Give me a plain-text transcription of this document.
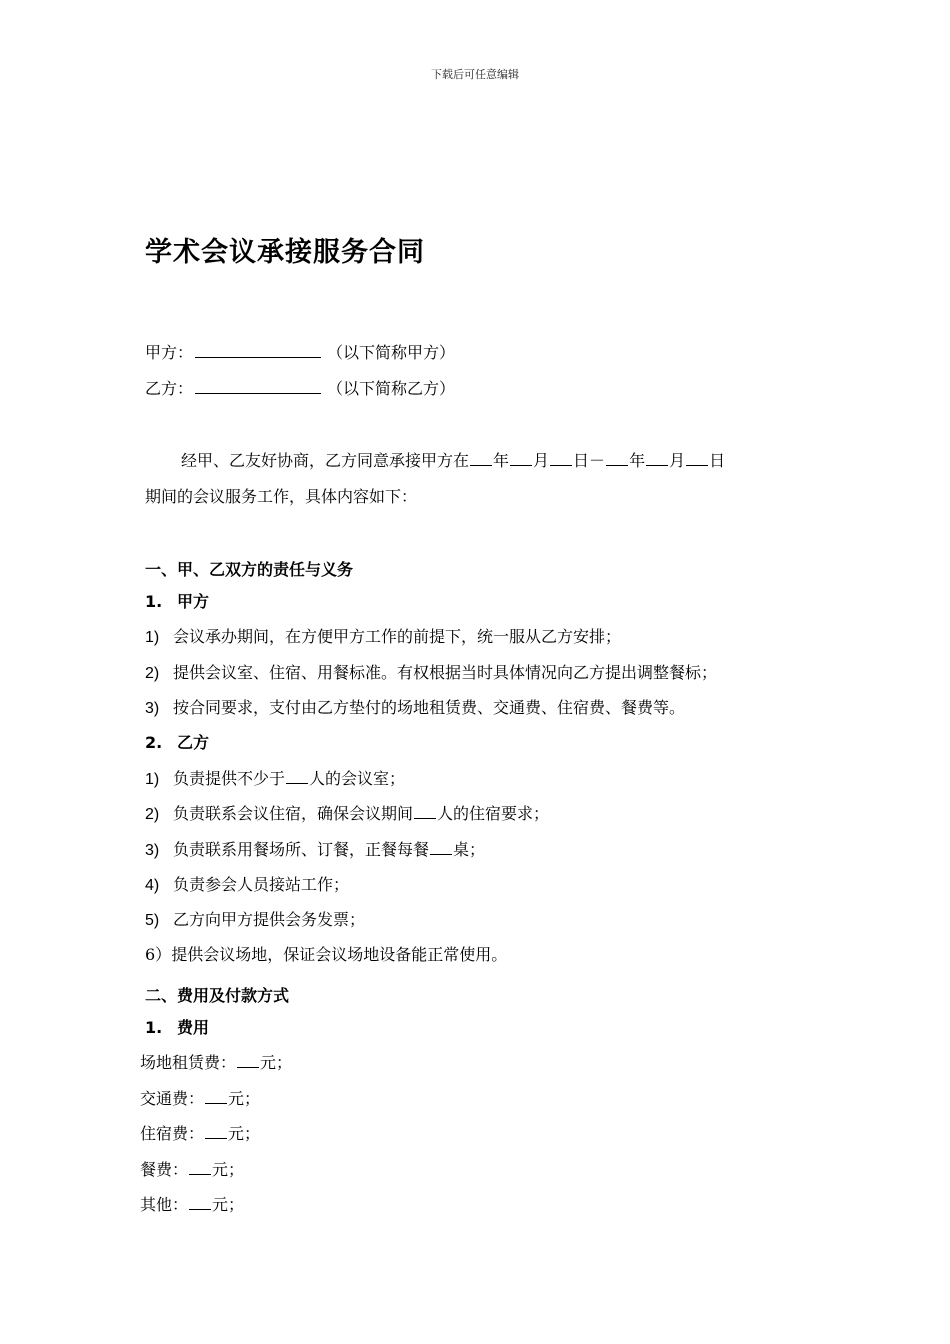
下载后可任意编辑
学术会议承接服务合同
甲方：	（以下简称甲方）
乙方：	（以下简称乙方）
经甲、乙友好协商，乙方同意承接甲方在 年 月 日－ 年 月 日
期间的会议服务工作，具体内容如下：
一、甲、乙双方的责任与义务
1. 甲方
1) 会议承办期间，在方便甲方工作的前提下，统一服从乙方安排；
2) 提供会议室、住宿、用餐标准。有权根据当时具体情况向乙方提出调整餐标；
3) 按合同要求，支付由乙方垫付的场地租赁费、交通费、住宿费、餐费等。
2. 乙方
1) 负责提供不少于 人的会议室；
2) 负责联系会议住宿，确保会议期间 人的住宿要求；
3) 负责联系用餐场所、订餐，正餐每餐 桌；
4) 负责参会人员接站工作；
5) 乙方向甲方提供会务发票；
6）提供会议场地，保证会议场地设备能正常使用。
二、费用及付款方式
1. 费用
场地租赁费： 元；
交通费： 元；
住宿费： 元；
餐费： 元；
其他： 元；
